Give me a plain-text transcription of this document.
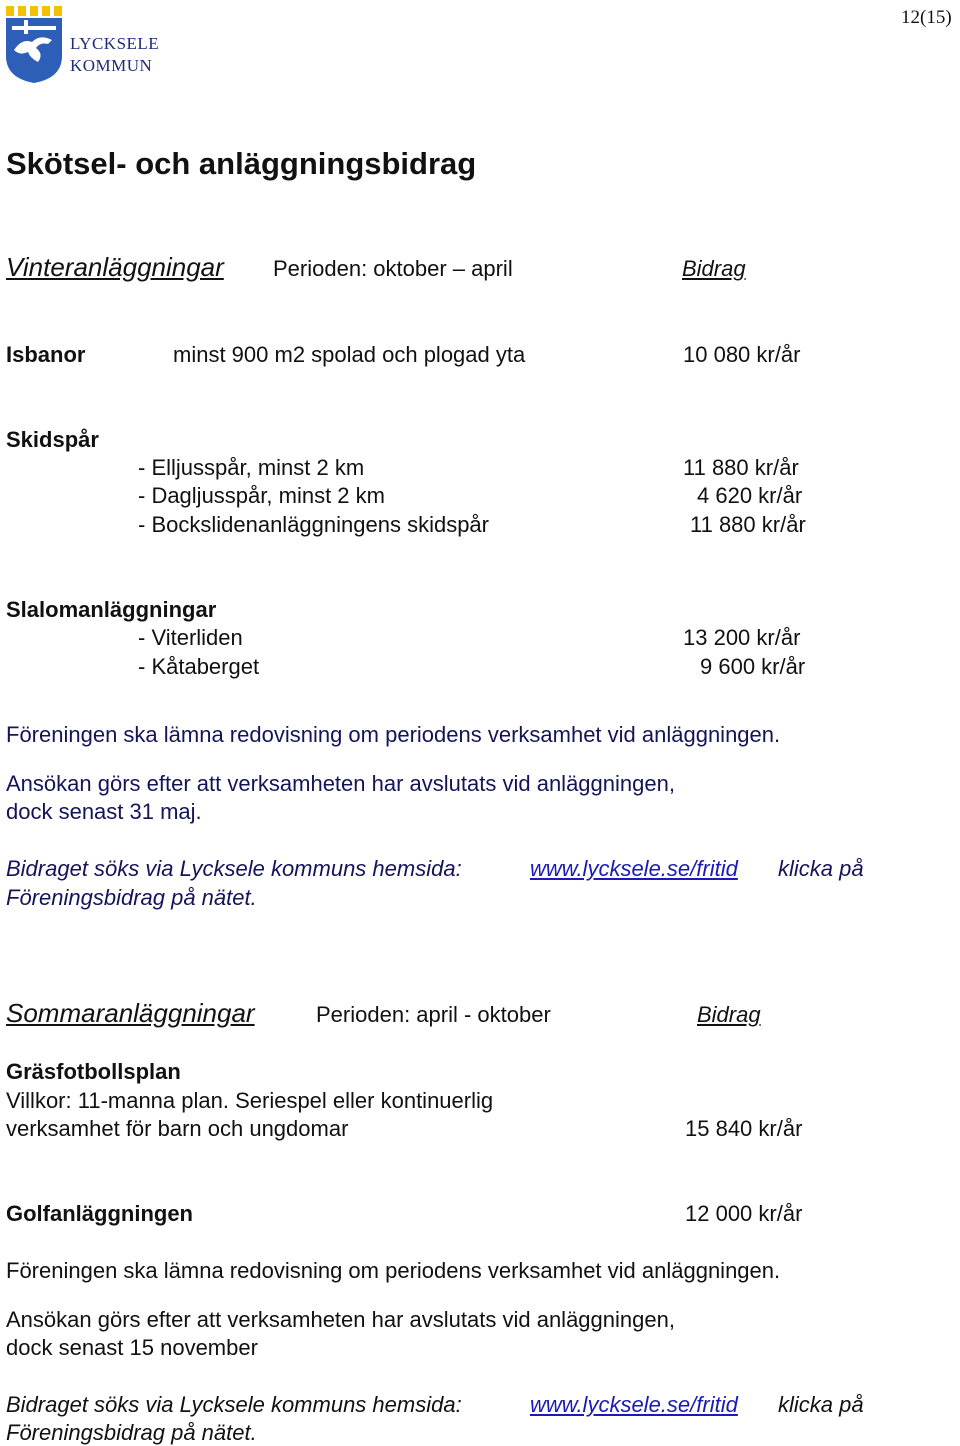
LYCKSELE
KOMMUN
12(15)
Skötsel- och anläggningsbidrag
Vinteranläggningar Perioden: oktober – april	Bidrag
Isbanor	minst 900 m2 spolad och plogad yta	10 080 kr/år
Skidspår
- Elljusspår, minst 2 km	11 880 kr/år
- Dagljusspår, minst 2 km	4 620 kr/år
- Bockslidenanläggningens skidspår	11 880 kr/år
Slalomanläggningar
- Viterliden	13 200 kr/år
- Kåtaberget	9 600 kr/år
Föreningen ska lämna redovisning om periodens verksamhet vid anläggningen.
Ansökan görs efter att verksamheten har avslutats vid anläggningen,
dock senast 31 maj.
Bidraget söks via Lycksele kommuns hemsida:	www.lycksele.se/fritid klicka på
Föreningsbidrag på nätet.
Sommaranläggningar	Perioden: april - oktober	Bidrag
Gräsfotbollsplan
Villkor: 11-manna plan. Seriespel eller kontinuerlig
verksamhet för barn och ungdomar	15 840 kr/år
Golfanläggningen	12 000 kr/år
Föreningen ska lämna redovisning om periodens verksamhet vid anläggningen.
Ansökan görs efter att verksamheten har avslutats vid anläggningen,
dock senast 15 november
Bidraget söks via Lycksele kommuns hemsida:	www.lycksele.se/fritid klicka på
Föreningsbidrag på nätet.
